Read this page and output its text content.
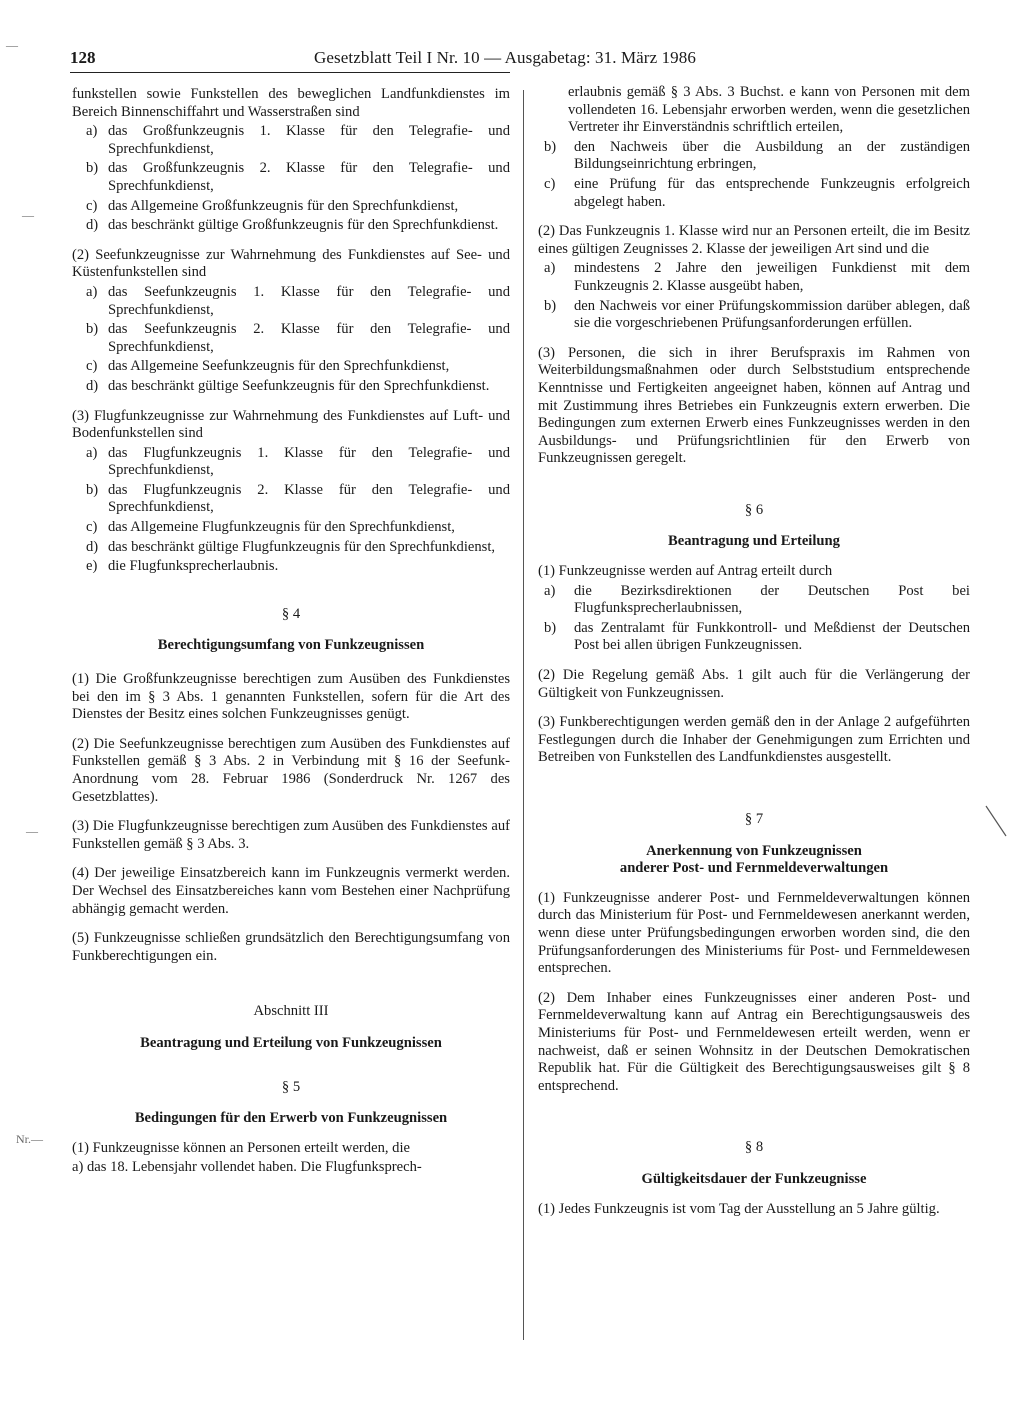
128	Gesetzblatt Teil I Nr. 10 — Ausgabetag: 31. März 1986
—
—
—
Nr.—

funkstellen sowie Funkstellen des beweglichen Landfunkdienstes im Bereich Binnenschiffahrt und Wasserstraßen sind

a) das Großfunkzeugnis 1. Klasse für den Telegrafie- und Sprechfunkdienst,
b) das Großfunkzeugnis 2. Klasse für den Telegrafie- und Sprechfunkdienst,
c) das Allgemeine Großfunkzeugnis für den Sprechfunkdienst,
d) das beschränkt gültige Großfunkzeugnis für den Sprechfunkdienst.

(2) Seefunkzeugnisse zur Wahrnehmung des Funkdienstes auf See- und Küstenfunkstellen sind

a) das Seefunkzeugnis 1. Klasse für den Telegrafie- und Sprechfunkdienst,
b) das Seefunkzeugnis 2. Klasse für den Telegrafie- und Sprechfunkdienst,
c) das Allgemeine Seefunkzeugnis für den Sprechfunkdienst,
d) das beschränkt gültige Seefunkzeugnis für den Sprechfunkdienst.

(3) Flugfunkzeugnisse zur Wahrnehmung des Funkdienstes auf Luft- und Bodenfunkstellen sind

a) das Flugfunkzeugnis 1. Klasse für den Telegrafie- und Sprechfunkdienst,
b) das Flugfunkzeugnis 2. Klasse für den Telegrafie- und Sprechfunkdienst,
c) das Allgemeine Flugfunkzeugnis für den Sprechfunkdienst,
d) das beschränkt gültige Flugfunkzeugnis für den Sprechfunkdienst,
e) die Flugfunksprecherlaubnis.

§ 4

Berechtigungsumfang von Funkzeugnissen

(1) Die Großfunkzeugnisse berechtigen zum Ausüben des Funkdienstes bei den im § 3 Abs. 1 genannten Funkstellen, sofern für die Art des Dienstes der Besitz eines solchen Funkzeugnisses genügt.

(2) Die Seefunkzeugnisse berechtigen zum Ausüben des Funkdienstes auf Funkstellen gemäß § 3 Abs. 2 in Verbindung mit § 16 der Seefunk-Anordnung vom 28. Februar 1986 (Sonderdruck Nr. 1267 des Gesetzblattes).

(3) Die Flugfunkzeugnisse berechtigen zum Ausüben des Funkdienstes auf Funkstellen gemäß § 3 Abs. 3.

(4) Der jeweilige Einsatzbereich kann im Funkzeugnis vermerkt werden. Der Wechsel des Einsatzbereiches kann vom Bestehen einer Nachprüfung abhängig gemacht werden.

(5) Funkzeugnisse schließen grundsätzlich den Berechtigungsumfang von Funkberechtigungen ein.

Abschnitt III

Beantragung und Erteilung von Funkzeugnissen

§ 5

Bedingungen für den Erwerb von Funkzeugnissen

(1) Funkzeugnisse können an Personen erteilt werden, die

a) das 18. Lebensjahr vollendet haben. Die Flugfunksprech-

erlaubnis gemäß § 3 Abs. 3 Buchst. e kann von Personen mit dem vollendeten 16. Lebensjahr erworben werden, wenn die gesetzlichen Vertreter ihr Einverständnis schriftlich erteilen,

b) den Nachweis über die Ausbildung an der zuständigen Bildungseinrichtung erbringen,
c) eine Prüfung für das entsprechende Funkzeugnis erfolgreich abgelegt haben.

(2) Das Funkzeugnis 1. Klasse wird nur an Personen erteilt, die im Besitz eines gültigen Zeugnisses 2. Klasse der jeweiligen Art sind und die

a) mindestens 2 Jahre den jeweiligen Funkdienst mit dem Funkzeugnis 2. Klasse ausgeübt haben,
b) den Nachweis vor einer Prüfungskommission darüber ablegen, daß sie die vorgeschriebenen Prüfungsanforderungen erfüllen.

(3) Personen, die sich in ihrer Berufspraxis im Rahmen von Weiterbildungsmaßnahmen oder durch Selbststudium entsprechende Kenntnisse und Fertigkeiten angeeignet haben, können auf Antrag und mit Zustimmung ihres Betriebes ein Funkzeugnis extern erwerben. Die Bedingungen zum externen Erwerb eines Funkzeugnisses werden in den Ausbildungs- und Prüfungsrichtlinien für den Erwerb von Funkzeugnissen geregelt.

§ 6

Beantragung und Erteilung

(1) Funkzeugnisse werden auf Antrag erteilt durch

a) die Bezirksdirektionen der Deutschen Post bei Flugfunksprecherlaubnissen,
b) das Zentralamt für Funkkontroll- und Meßdienst der Deutschen Post bei allen übrigen Funkzeugnissen.

(2) Die Regelung gemäß Abs. 1 gilt auch für die Verlängerung der Gültigkeit von Funkzeugnissen.

(3) Funkberechtigungen werden gemäß den in der Anlage 2 aufgeführten Festlegungen durch die Inhaber der Genehmigungen zum Errichten und Betreiben von Funkstellen des Landfunkdienstes ausgestellt.

§ 7

Anerkennung von Funkzeugnissen

anderer Post- und Fernmeldeverwaltungen

(1) Funkzeugnisse anderer Post- und Fernmeldeverwaltungen können durch das Ministerium für Post- und Fernmeldewesen anerkannt werden, wenn diese unter Prüfungsbedingungen erworben worden sind, die den Prüfungsanforderungen des Ministeriums für Post- und Fernmeldewesen entsprechen.

(2) Dem Inhaber eines Funkzeugnisses einer anderen Post- und Fernmeldeverwaltung kann auf Antrag ein Berechtigungsausweis des Ministeriums für Post- und Fernmeldewesen erteilt werden, wenn er nachweist, daß er seinen Wohnsitz in der Deutschen Demokratischen Republik hat. Für die Gültigkeit des Berechtigungsausweises gilt § 8 entsprechend.

§ 8

Gültigkeitsdauer der Funkzeugnisse

(1) Jedes Funkzeugnis ist vom Tag der Ausstellung an 5 Jahre gültig.
